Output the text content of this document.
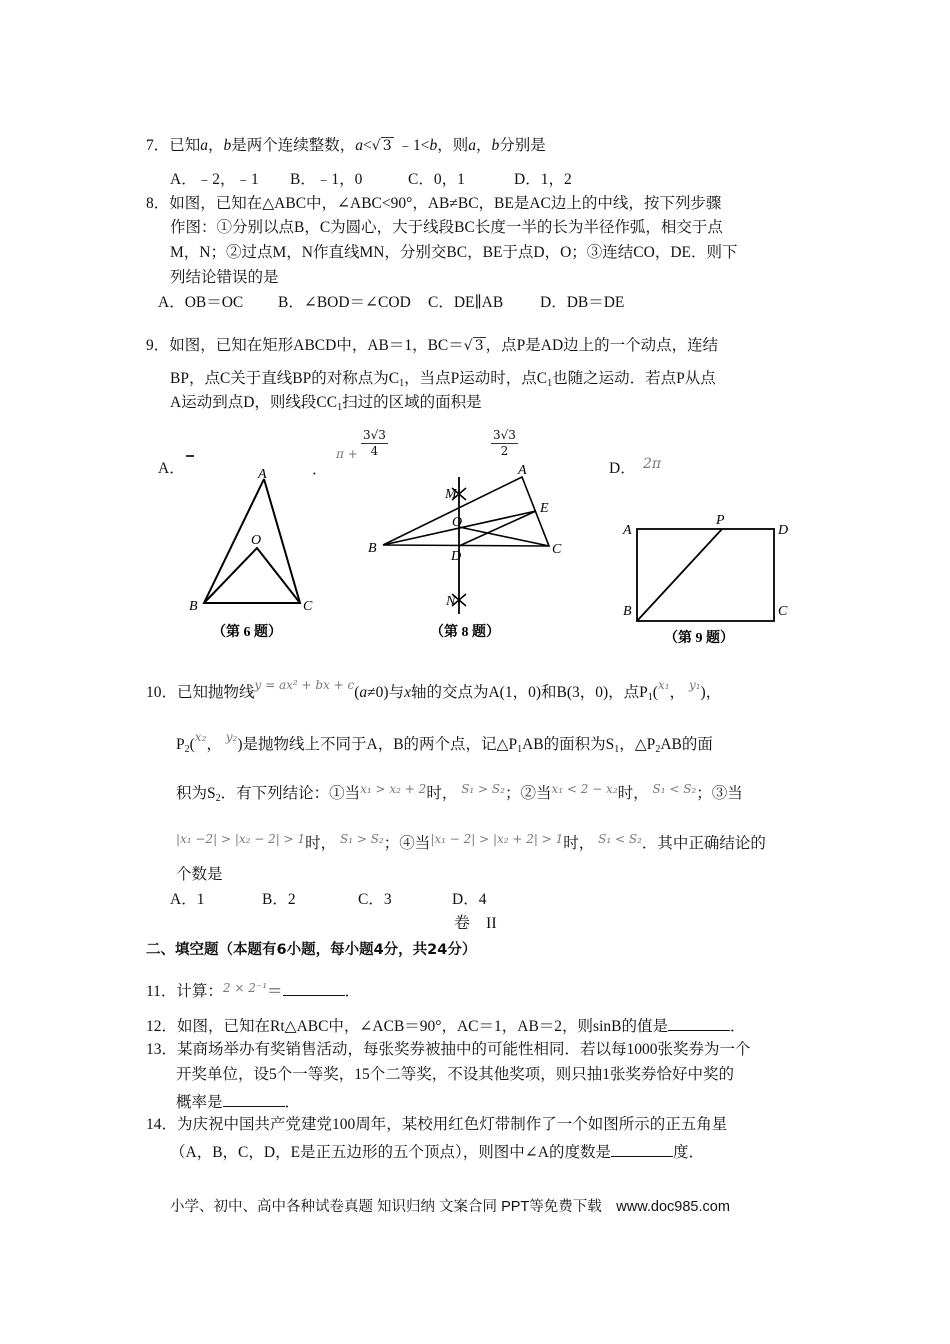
7．已知a，b是两个连续整数，a<√ 3 ﹣1<b，则a，b分别是
A．﹣2，﹣1 B．﹣1，0	C．0，1	D．1，2
8．如图，已知在△ABC中，∠ABC<90°，AB≠BC，BE是AC边上的中线，按下列步骤
作图：①分别以点B，C为圆心，大于线段BC长度一半的长为半径作弧，相交于点
M，N；②过点M，N作直线MN，分别交BC，BE于点D，O；③连结CO，DE．则下
列结论错误的是
A．OB＝OC B．∠BOD＝∠COD C．DE∥AB D．DB＝DE
9．如图，已知在矩形ABCD中，AB＝1，BC＝√ 3 ，点P是AD边上的一个动点，连结
BP，点C关于直线BP的对称点为$C_1$，当点P运动时，点$C_1$也随之运动．若点P从点
A运动到点D，则线段$CC_1$扫过的区域的面积是
A．	．
$\pi + \frac{3√3}{4}$	$\frac{3√3}{2}$
D． 2π
A
O
B	C
（第 6 题）
A
M
E
O
B
D	C
N
（第 8 题）
A
P
D
B	C
（第 9 题）
10．已知抛物线$^{y = ax^2 + bx + c}$(a≠0)与x轴的交点为A(1，0)和B(3，0)，点$P_1(^{x_1}$， $^{y_1}$)，
$P_2(^{x_2}$， $^{y_2}$)是抛物线上不同于A，B的两个点，记$\triangle P_1AB$的面积为$S_1$，$\triangle P_2AB$的面
积为$S_2$．有下列结论：①当$^{x_1 > x_2 + 2}$时， $^{S_1 > S_2}$；②当$^{x_1 < 2 - x_2}$时， $^{S_1 < S_2}$；③当
$^{|x_1 -2| > |x_2 - 2| > 1}$时， $^{S_1 > S_2}$；④当$^{|x_1 - 2| > |x_2 + 2| > 1}$时， $^{S_1 < S_2}$．其中正确结论的
个数是
A．1	B．2	C．3	D．4
卷　II
二、填空题（本题有6小题，每小题4分，共24分）
11．计算：$^{2 \times 2^{-1}}$＝	．
12．如图，已知在Rt△ABC中，∠ACB＝90°，AC＝1，AB＝2，则sinB的值是	．
13．某商场举办有奖销售活动，每张奖券被抽中的可能性相同．若以每1000张奖券为一个
开奖单位，设5个一等奖，15个二等奖，不设其他奖项，则只抽1张奖券恰好中奖的
概率是	．
14．为庆祝中国共产党建党100周年，某校用红色灯带制作了一个如图所示的正五角星
（A，B，C，D，E是正五边形的五个顶点），则图中∠A的度数是	度．
小学、初中、高中各种试卷真题 知识归纳 文案合同 PPT等免费下载　www.doc985.com
